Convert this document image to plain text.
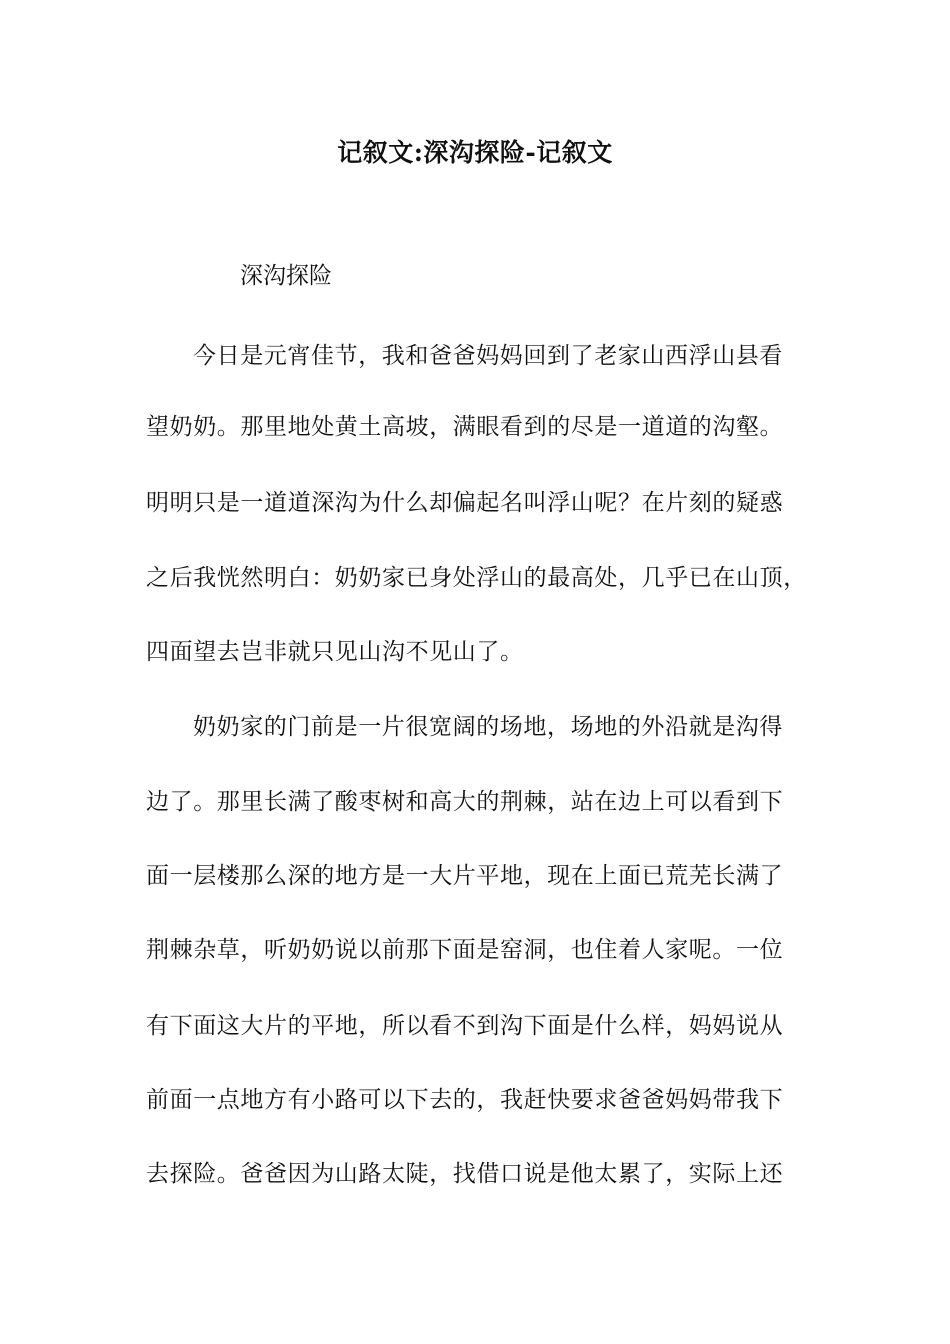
记叙文:深沟探险-记叙文
深沟探险
今日是元宵佳节，我和爸爸妈妈回到了老家山西浮山县看
望奶奶。那里地处黄土高坡，满眼看到的尽是一道道的沟壑。
明明只是一道道深沟为什么却偏起名叫浮山呢？在片刻的疑惑
之后我恍然明白：奶奶家已身处浮山的最高处，几乎已在山顶，
四面望去岂非就只见山沟不见山了。
奶奶家的门前是一片很宽阔的场地，场地的外沿就是沟得
边了。那里长满了酸枣树和高大的荆棘，站在边上可以看到下
面一层楼那么深的地方是一大片平地，现在上面已荒芜长满了
荆棘杂草，听奶奶说以前那下面是窑洞，也住着人家呢。一位
有下面这大片的平地，所以看不到沟下面是什么样，妈妈说从
前面一点地方有小路可以下去的，我赶快要求爸爸妈妈带我下
去探险。爸爸因为山路太陡，找借口说是他太累了，实际上还
